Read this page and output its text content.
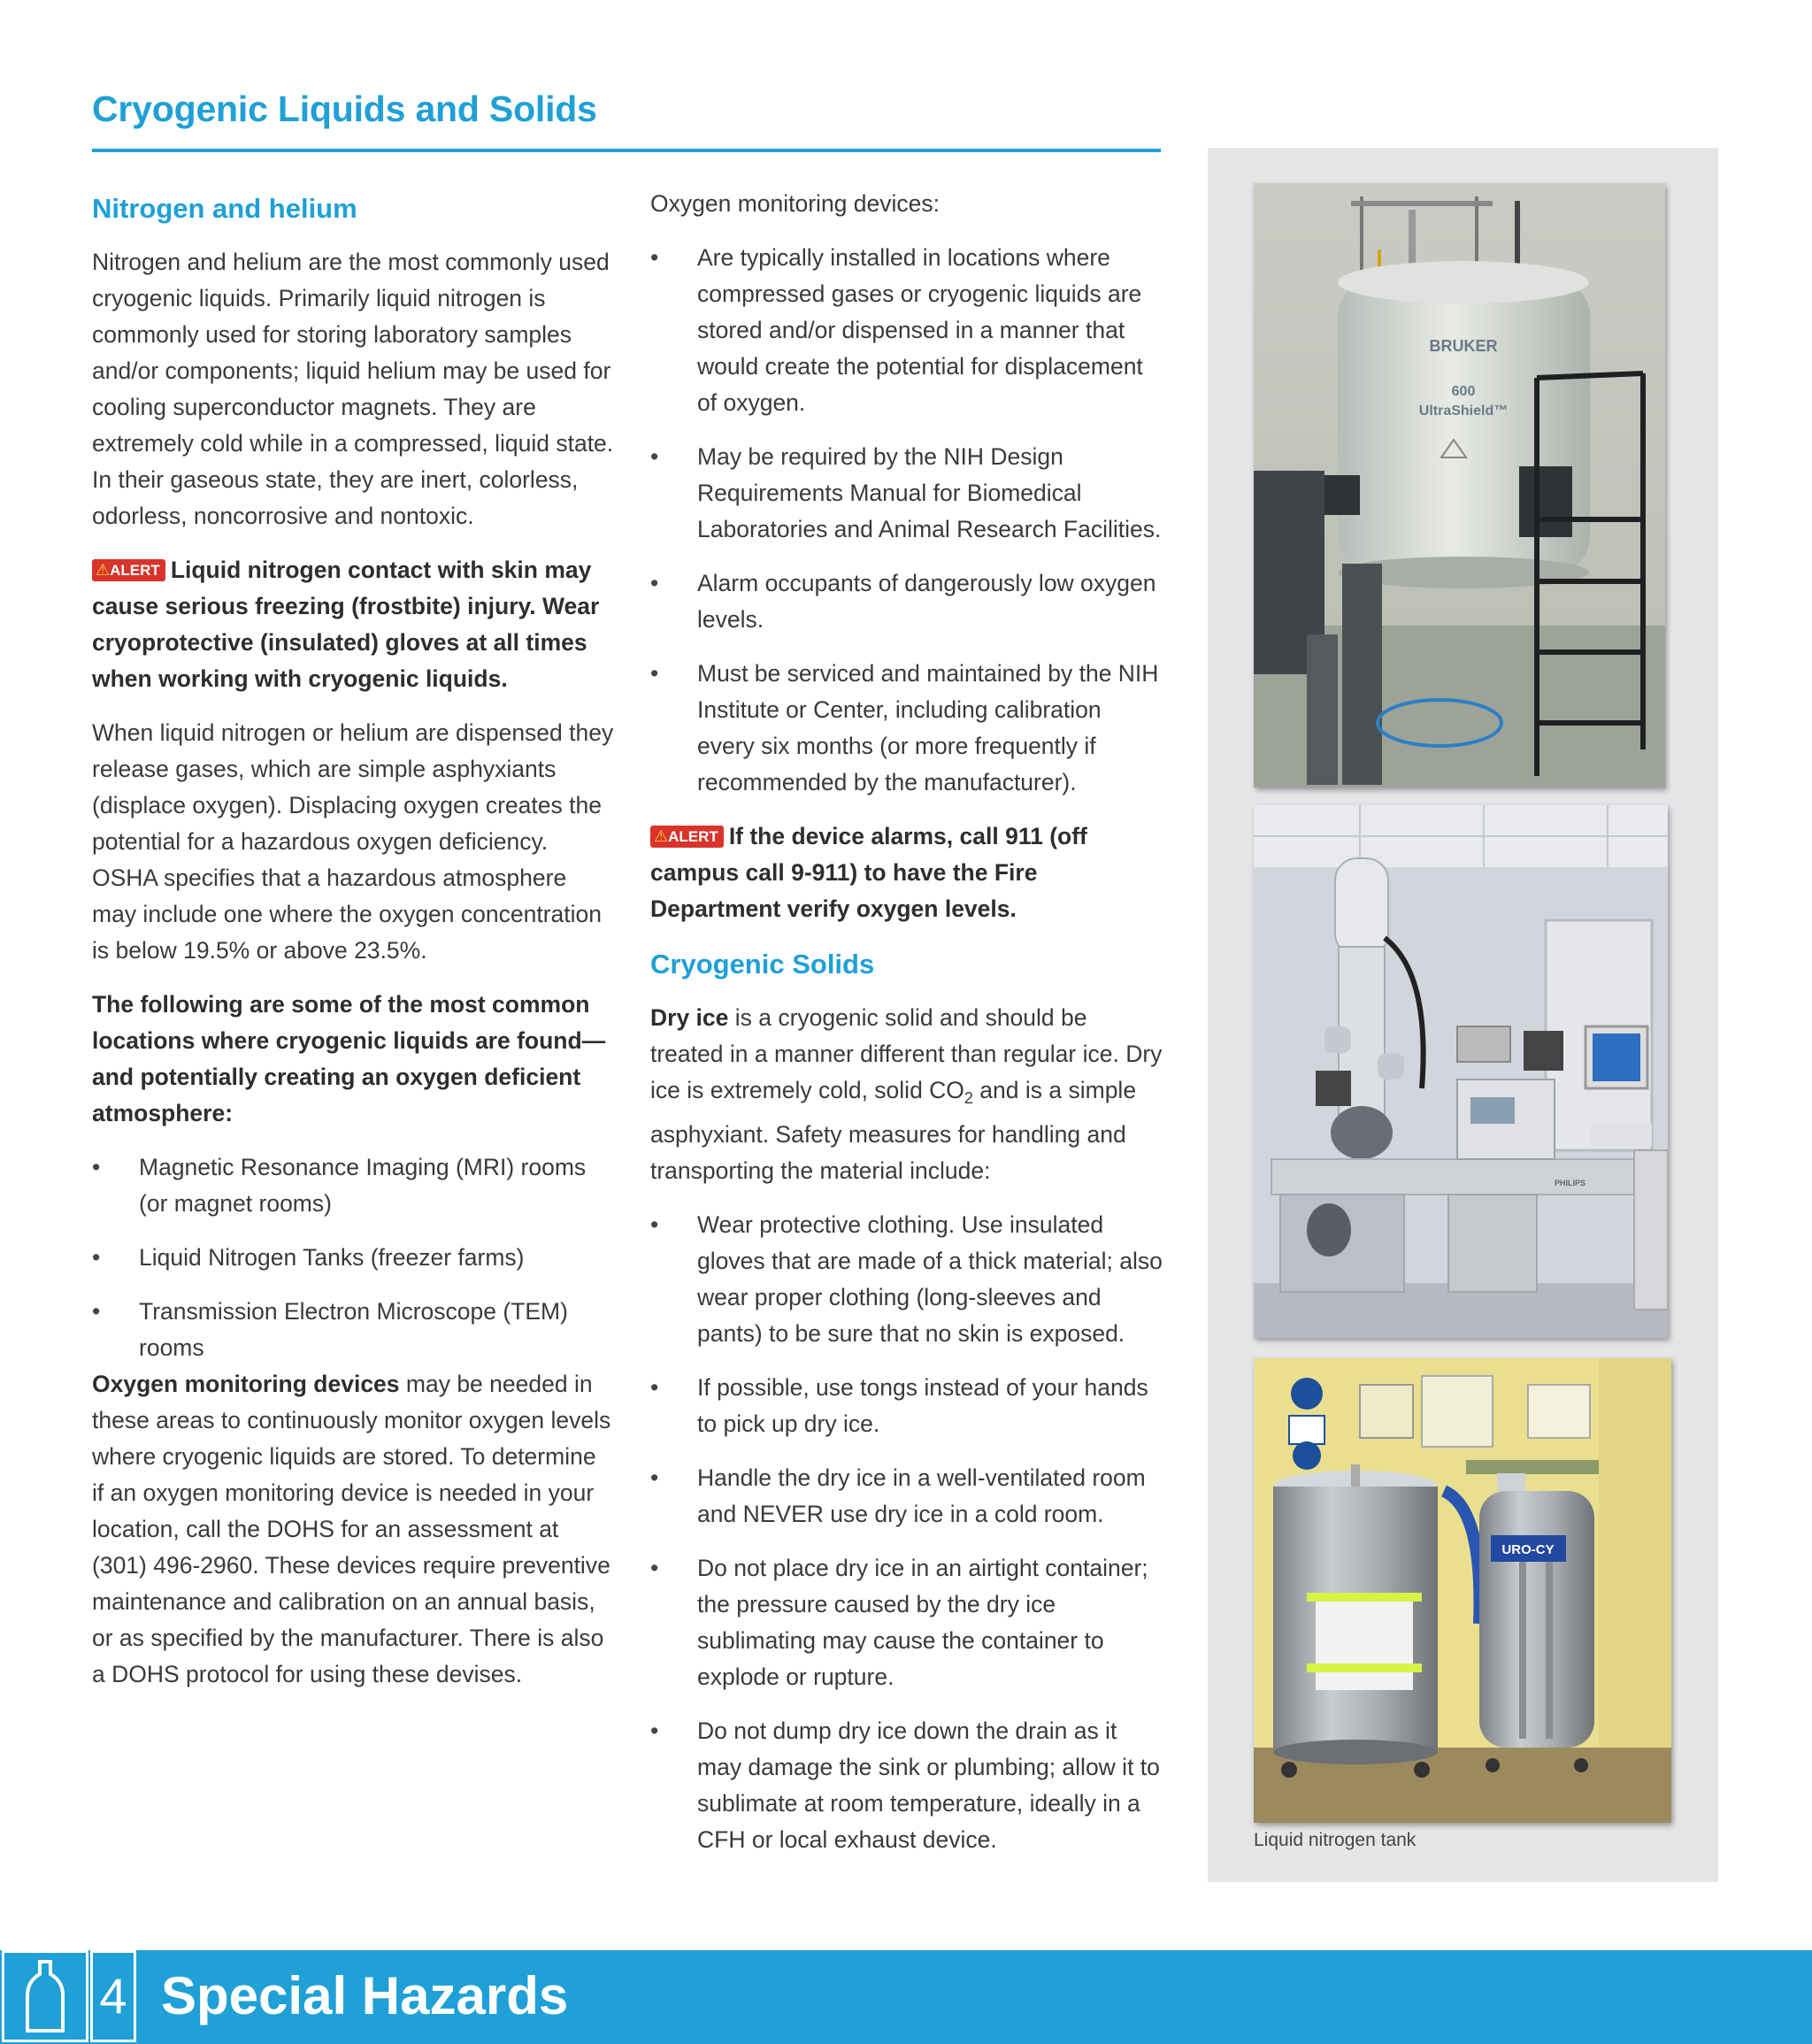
Cryogenic Liquids and Solids
Nitrogen and helium

Nitrogen and helium are the most commonly used cryogenic liquids. Primarily liquid nitrogen is commonly used for storing laboratory samples and/or components; liquid helium may be used for cooling superconductor magnets. They are extremely cold while in a compressed, liquid state. In their gaseous state, they are inert, colorless, odorless, noncorrosive and nontoxic.

⚠ALERT Liquid nitrogen contact with skin may cause serious freezing (frostbite) injury. Wear cryoprotective (insulated) gloves at all times when working with cryogenic liquids.

When liquid nitrogen or helium are dispensed they release gases, which are simple asphyxiants (displace oxygen). Displacing oxygen creates the potential for a hazardous oxygen deficiency. OSHA specifies that a hazardous atmosphere may include one where the oxygen concentration is below 19.5% or above 23.5%.

The following are some of the most common locations where cryogenic liquids are found—and potentially creating an oxygen deficient atmosphere:

• Magnetic Resonance Imaging (MRI) rooms (or magnet rooms)
• Liquid Nitrogen Tanks (freezer farms)
• Transmission Electron Microscope (TEM) rooms

Oxygen monitoring devices may be needed in these areas to continuously monitor oxygen levels where cryogenic liquids are stored. To determine if an oxygen monitoring device is needed in your location, call the DOHS for an assessment at (301) 496-2960. These devices require preventive maintenance and calibration on an annual basis, or as specified by the manufacturer. There is also a DOHS protocol for using these devises.

Oxygen monitoring devices:

• Are typically installed in locations where compressed gases or cryogenic liquids are stored and/or dispensed in a manner that would create the potential for displacement of oxygen.
• May be required by the NIH Design Requirements Manual for Biomedical Laboratories and Animal Research Facilities.
• Alarm occupants of dangerously low oxygen levels.
• Must be serviced and maintained by the NIH Institute or Center, including calibration every six months (or more frequently if recommended by the manufacturer).

⚠ALERT If the device alarms, call 911 (off campus call 9-911) to have the Fire Department verify oxygen levels.

Cryogenic Solids

Dry ice is a cryogenic solid and should be treated in a manner different than regular ice. Dry ice is extremely cold, solid $CO_2$ and is a simple asphyxiant. Safety measures for handling and transporting the material include:

• Wear protective clothing. Use insulated gloves that are made of a thick material; also wear proper clothing (long-sleeves and pants) to be sure that no skin is exposed.
• If possible, use tongs instead of your hands to pick up dry ice.
• Handle the dry ice in a well-ventilated room and NEVER use dry ice in a cold room.
• Do not place dry ice in an airtight container; the pressure caused by the dry ice sublimating may cause the container to explode or rupture.
• Do not dump dry ice down the drain as it may damage the sink or plumbing; allow it to sublimate at room temperature, ideally in a CFH or local exhaust device.
BRUKER
600
UltraShield™
PHILIPS
URO-CY

Liquid nitrogen tank

4 Special Hazards
